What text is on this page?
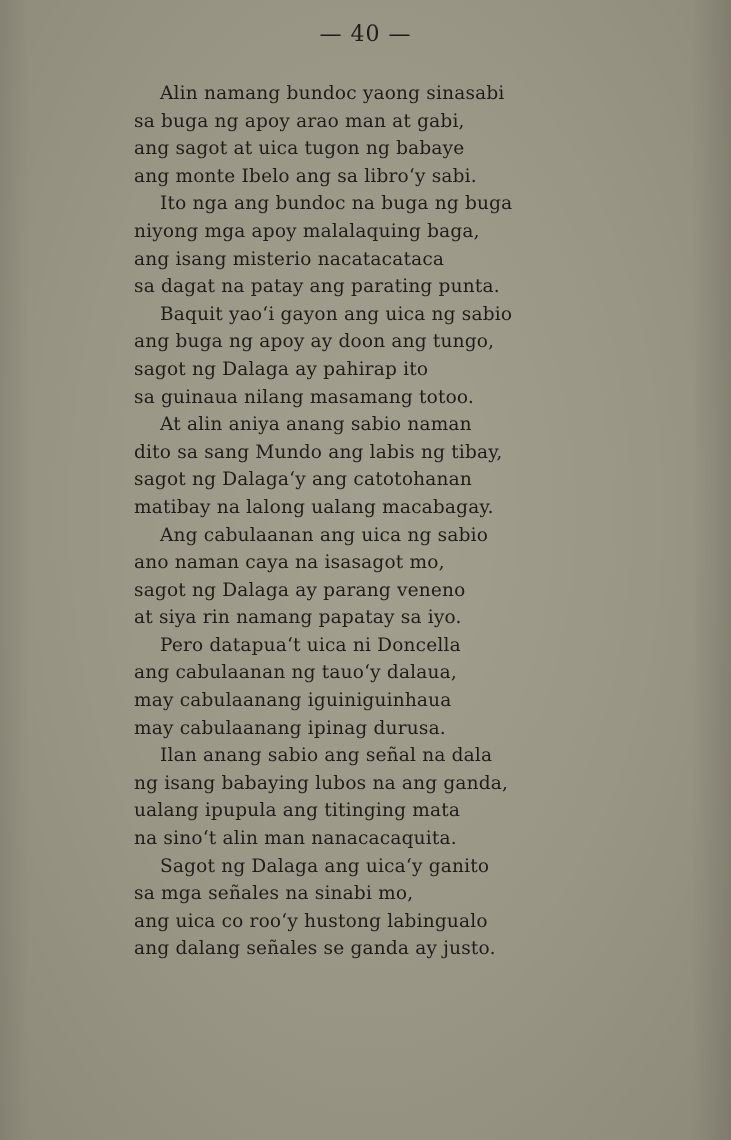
— 40 —
Alin namang bundoc yaong sinasabi
sa buga ng apoy arao man at gabi,
ang sagot at uica tugon ng babaye
ang monte Ibelo ang sa libro‘y sabi.
Ito nga ang bundoc na buga ng buga
niyong mga apoy malalaquing baga,
ang isang misterio nacatacataca
sa dagat na patay ang parating punta.
Baquit yao‘i gayon ang uica ng sabio
ang buga ng apoy ay doon ang tungo,
sagot ng Dalaga ay pahirap ito
sa guinaua nilang masamang totoo.
At alin aniya anang sabio naman
dito sa sang Mundo ang labis ng tibay,
sagot ng Dalaga‘y ang catotohanan
matibay na lalong ualang macabagay.
Ang cabulaanan ang uica ng sabio
ano naman caya na isasagot mo,
sagot ng Dalaga ay parang veneno
at siya rin namang papatay sa iyo.
Pero datapua‘t uica ni Doncella
ang cabulaanan ng tauo‘y dalaua,
may cabulaanang iguiniguinhaua
may cabulaanang ipinag durusa.
Ilan anang sabio ang señal na dala
ng isang babaying lubos na ang ganda,
ualang ipupula ang titinging mata
na sino‘t alin man nanacacaquita.
Sagot ng Dalaga ang uica‘y ganito
sa mga señales na sinabi mo,
ang uica co roo‘y hustong labingualo
ang dalang señales se ganda ay justo.
